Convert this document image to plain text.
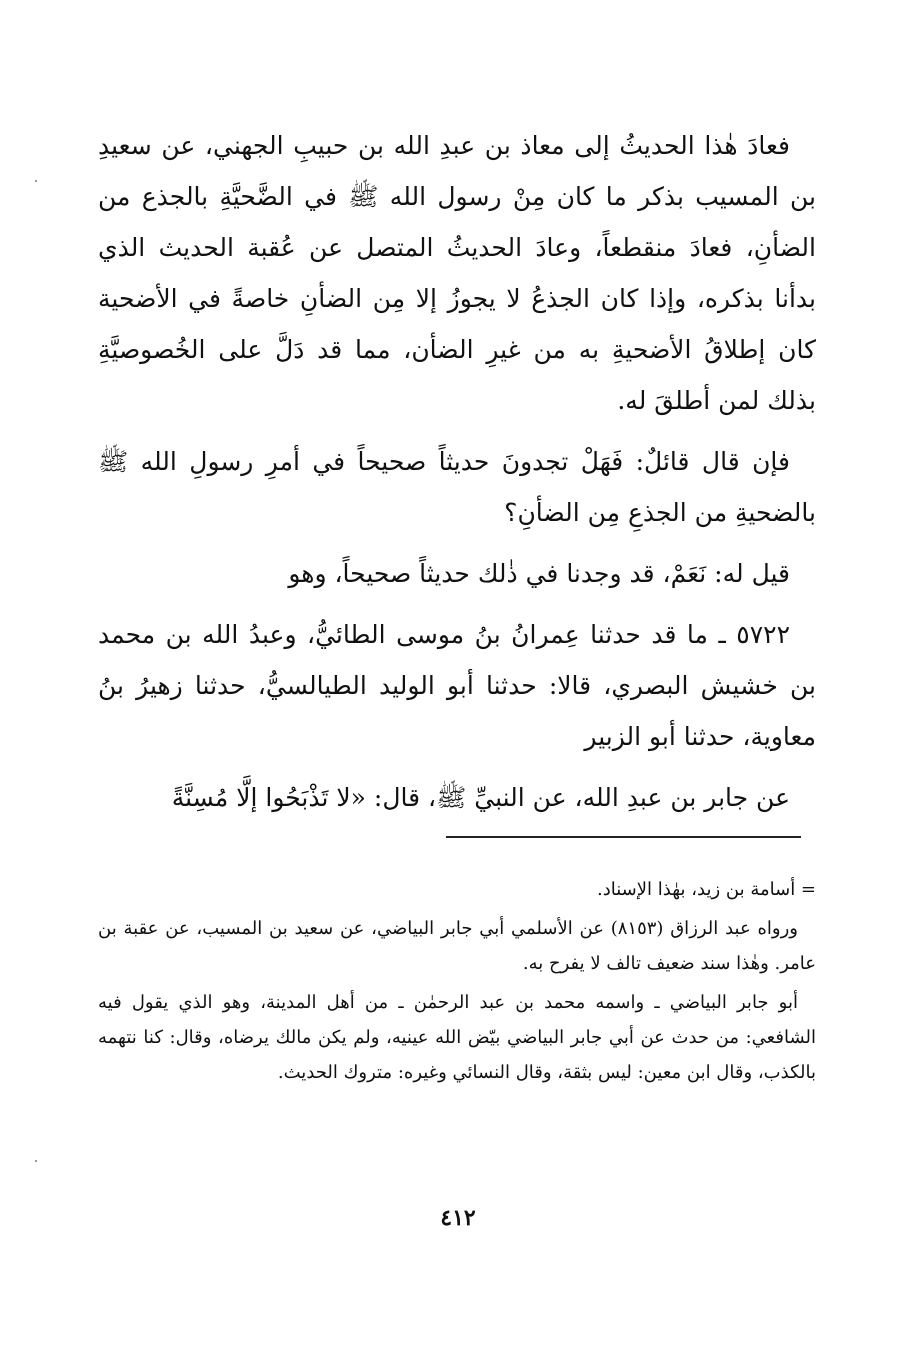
فعادَ هٰذا الحديثُ إلى معاذ بن عبدِ الله بن حبيبِ الجهني، عن سعيدِ بن المسيب بذكر ما كان مِنْ رسول الله ﷺ في الضَّحيَّةِ بالجذع من الضأنِ، فعادَ منقطعاً، وعادَ الحديثُ المتصل عن عُقبة الحديث الذي بدأنا بذكره، وإذا كان الجذعُ لا يجوزُ إلا مِن الضأنِ خاصةً في الأضحية كان إطلاقُ الأضحيةِ به من غيرِ الضأن، مما قد دَلَّ على الخُصوصيَّةِ بذلك لمن أطلقَ له.

فإن قال قائلٌ: فَهَلْ تجدونَ حديثاً صحيحاً في أمرِ رسولِ الله ﷺ بالضحيةِ من الجذعِ مِن الضأنِ؟

قيل له: نَعَمْ، قد وجدنا في ذٰلك حديثاً صحيحاً، وهو

٥٧٢٢ ـ ما قد حدثنا عِمرانُ بنُ موسى الطائيُّ، وعبدُ الله بن محمد بن خشيش البصري، قالا: حدثنا أبو الوليد الطيالسيُّ، حدثنا زهيرُ بنُ معاوية، حدثنا أبو الزبير

عن جابر بن عبدِ الله، عن النبيِّ ﷺ، قال: «لا تَذْبَحُوا إلَّا مُسِنَّةً

= أسامة بن زيد، بهٰذا الإسناد.

ورواه عبد الرزاق (٨١٥٣) عن الأسلمي أبي جابر البياضي، عن سعيد بن المسيب، عن عقبة بن عامر. وهٰذا سند ضعيف تالف لا يفرح به.

أبو جابر البياضي ـ واسمه محمد بن عبد الرحمٰن ـ من أهل المدينة، وهو الذي يقول فيه الشافعي: من حدث عن أبي جابر البياضي بيّض الله عينيه، ولم يكن مالك يرضاه، وقال: كنا نتهمه بالكذب، وقال ابن معين: ليس بثقة، وقال النسائي وغيره: متروك الحديث.

٤١٢
